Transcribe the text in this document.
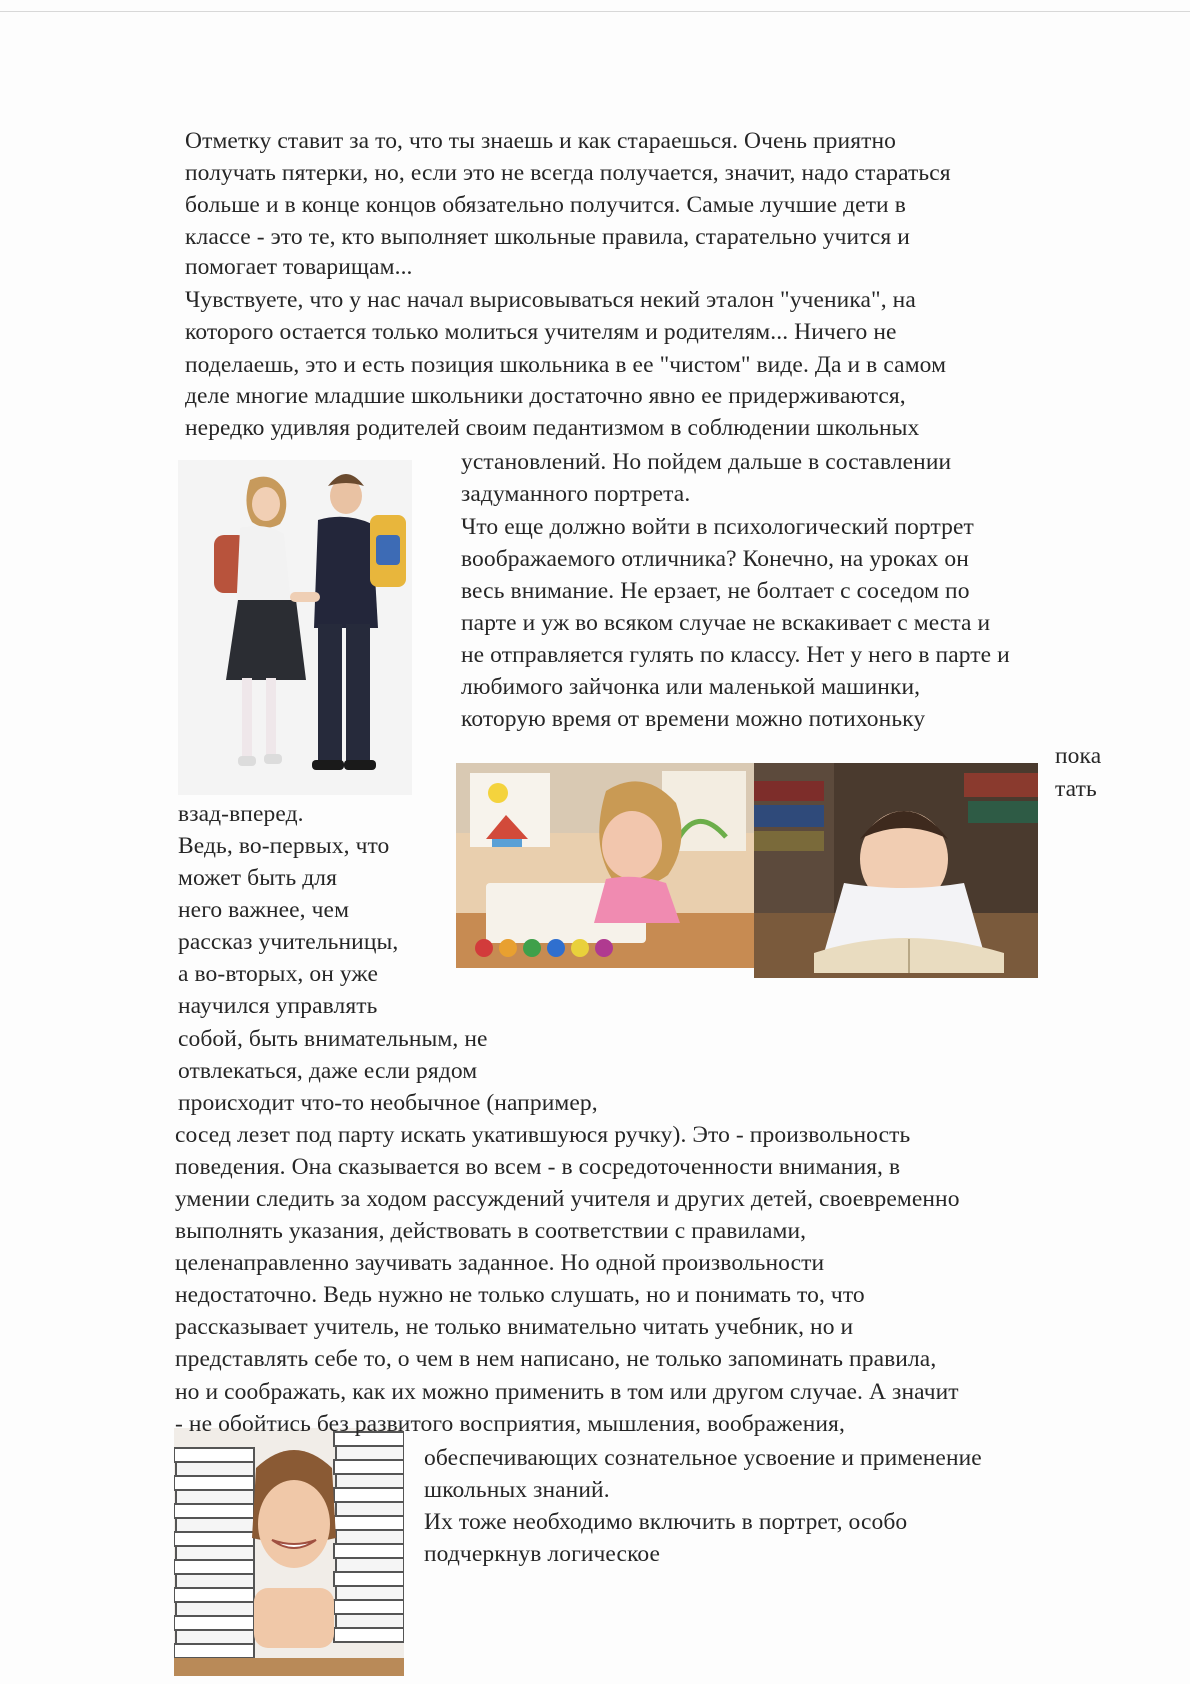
Отметку ставит за то, что ты знаешь и как стараешься. Очень приятно
получать пятерки, но, если это не всегда получается, значит, надо стараться
больше и в конце концов обязательно получится. Самые лучшие дети в
классе - это те, кто выполняет школьные правила, старательно учится и
помогает товарищам...
Чувствуете, что у нас начал вырисовываться некий эталон "ученика", на
которого остается только молиться учителям и родителям... Ничего не
поделаешь, это и есть позиция школьника в ее "чистом" виде. Да и в самом
деле многие младшие школьники достаточно явно ее придерживаются,
нередко удивляя родителей своим педантизмом в соблюдении школьных
установлений. Но пойдем дальше в составлении
задуманного портрета.
Что еще должно войти в психологический портрет
воображаемого отличника? Конечно, на уроках он
весь внимание. Не ерзает, не болтает с соседом по
парте и уж во всяком случае не вскакивает с места и
не отправляется гулять по классу. Нет у него в парте и
любимого зайчонка или маленькой машинки,
которую время от времени можно потихоньку
пока
тать
взад-вперед.
Ведь, во-первых, что
может быть для
него важнее, чем
рассказ учительницы,
а во-вторых, он уже
научился управлять
собой, быть внимательным, не
отвлекаться, даже если рядом
происходит что-то необычное (например,
сосед лезет под парту искать укатившуюся ручку). Это - произвольность
поведения. Она сказывается во всем - в сосредоточенности внимания, в
умении следить за ходом рассуждений учителя и других детей, своевременно
выполнять указания, действовать в соответствии с правилами,
целенаправленно заучивать заданное. Но одной произвольности
недостаточно. Ведь нужно не только слушать, но и понимать то, что
рассказывает учитель, не только внимательно читать учебник, но и
представлять себе то, о чем в нем написано, не только запоминать правила,
но и соображать, как их можно применить в том или другом случае. А значит
- не обойтись без развитого восприятия, мышления, воображения,
обеспечивающих сознательное усвоение и применение
школьных знаний.
Их тоже необходимо включить в портрет, особо
подчеркнув логическое
